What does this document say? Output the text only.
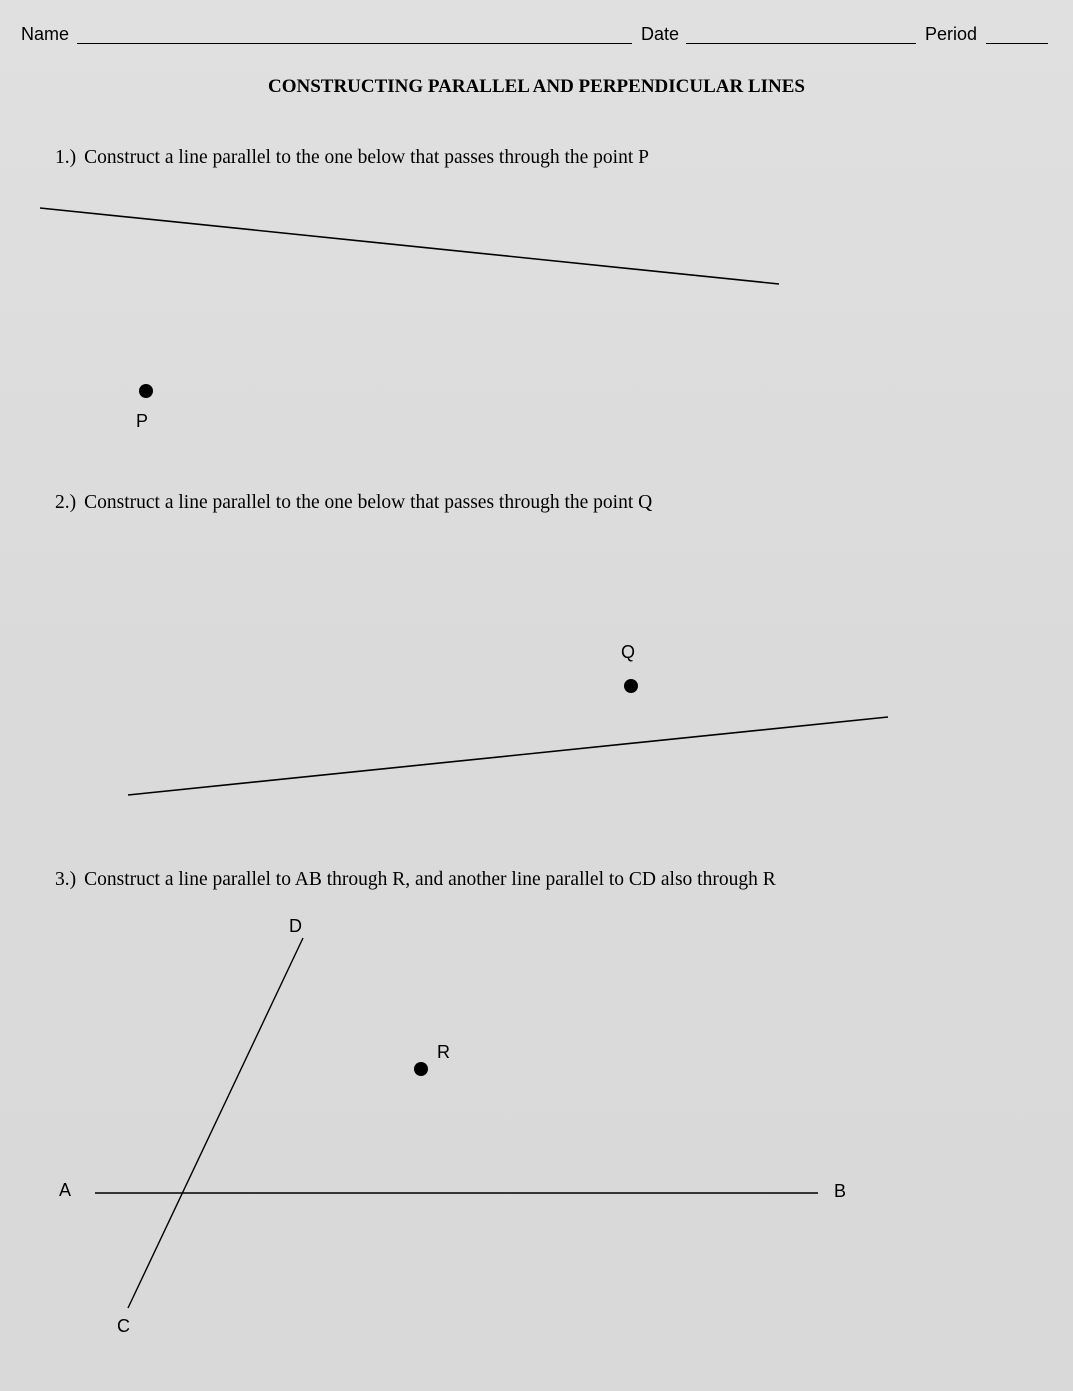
Name	Date	Period
CONSTRUCTING PARALLEL AND PERPENDICULAR LINES
1.) Construct a line parallel to the one below that passes through the point P
2.) Construct a line parallel to the one below that passes through the point Q
3.) Construct a line parallel to AB through R, and another line parallel to CD also through R
P
Q
A	B
C
D
R
